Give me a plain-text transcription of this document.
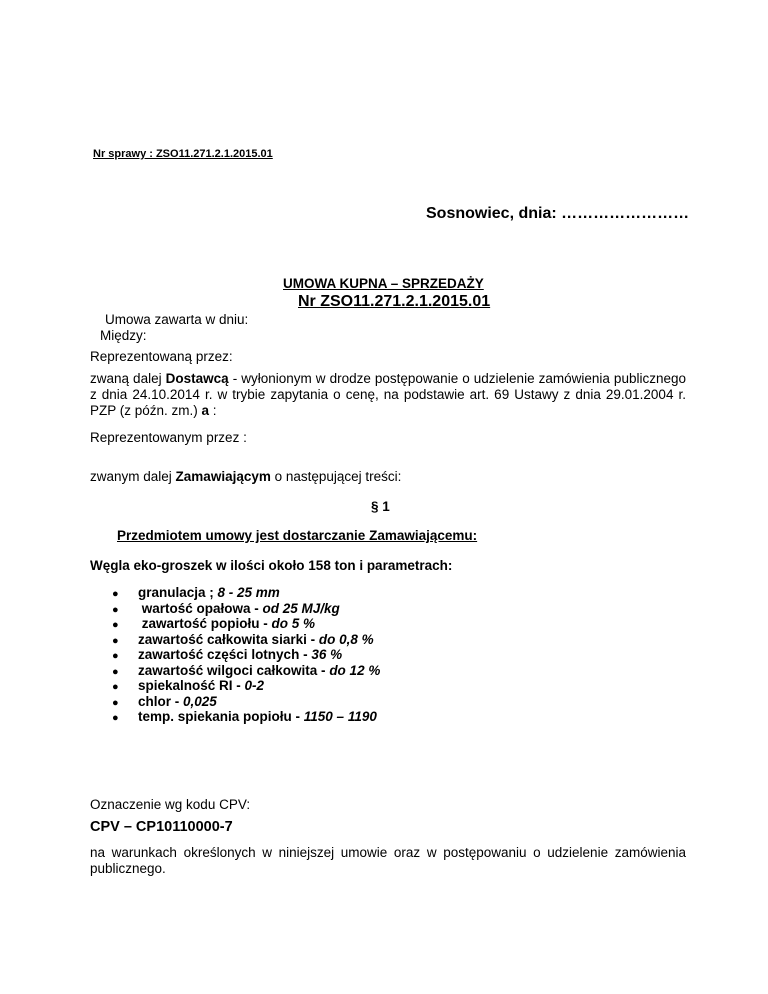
Nr sprawy : ZSO11.271.2.1.2015.01
Sosnowiec, dnia: ……………………
UMOWA KUPNA – SPRZEDAŻY
Nr ZSO11.271.2.1.2015.01
Umowa zawarta w dniu:
Między:
Reprezentowaną przez:
zwaną dalej Dostawcą - wyłonionym w drodze postępowanie o udzielenie zamówienia publicznego z dnia 24.10.2014 r. w trybie zapytania o cenę, na podstawie art. 69 Ustawy z dnia 29.01.2004 r. PZP (z późn. zm.) a :
Reprezentowanym przez :
zwanym dalej Zamawiającym o następującej treści:
§ 1
Przedmiotem umowy jest dostarczanie Zamawiającemu:
Węgla eko-groszek w ilości około 158 ton i parametrach:
● granulacja ; 8 - 25 mm
● wartość opałowa - od 25 MJ/kg
● zawartość popiołu - do 5 %
● zawartość całkowita siarki - do 0,8 %
● zawartość części lotnych - 36 %
● zawartość wilgoci całkowita - do 12 %
● spiekalność RI - 0-2
● chlor - 0,025
● temp. spiekania popiołu - 1150 – 1190
Oznaczenie wg kodu CPV:
CPV – CP10110000-7
na warunkach określonych w niniejszej umowie oraz w postępowaniu o udzielenie zamówienia publicznego.
